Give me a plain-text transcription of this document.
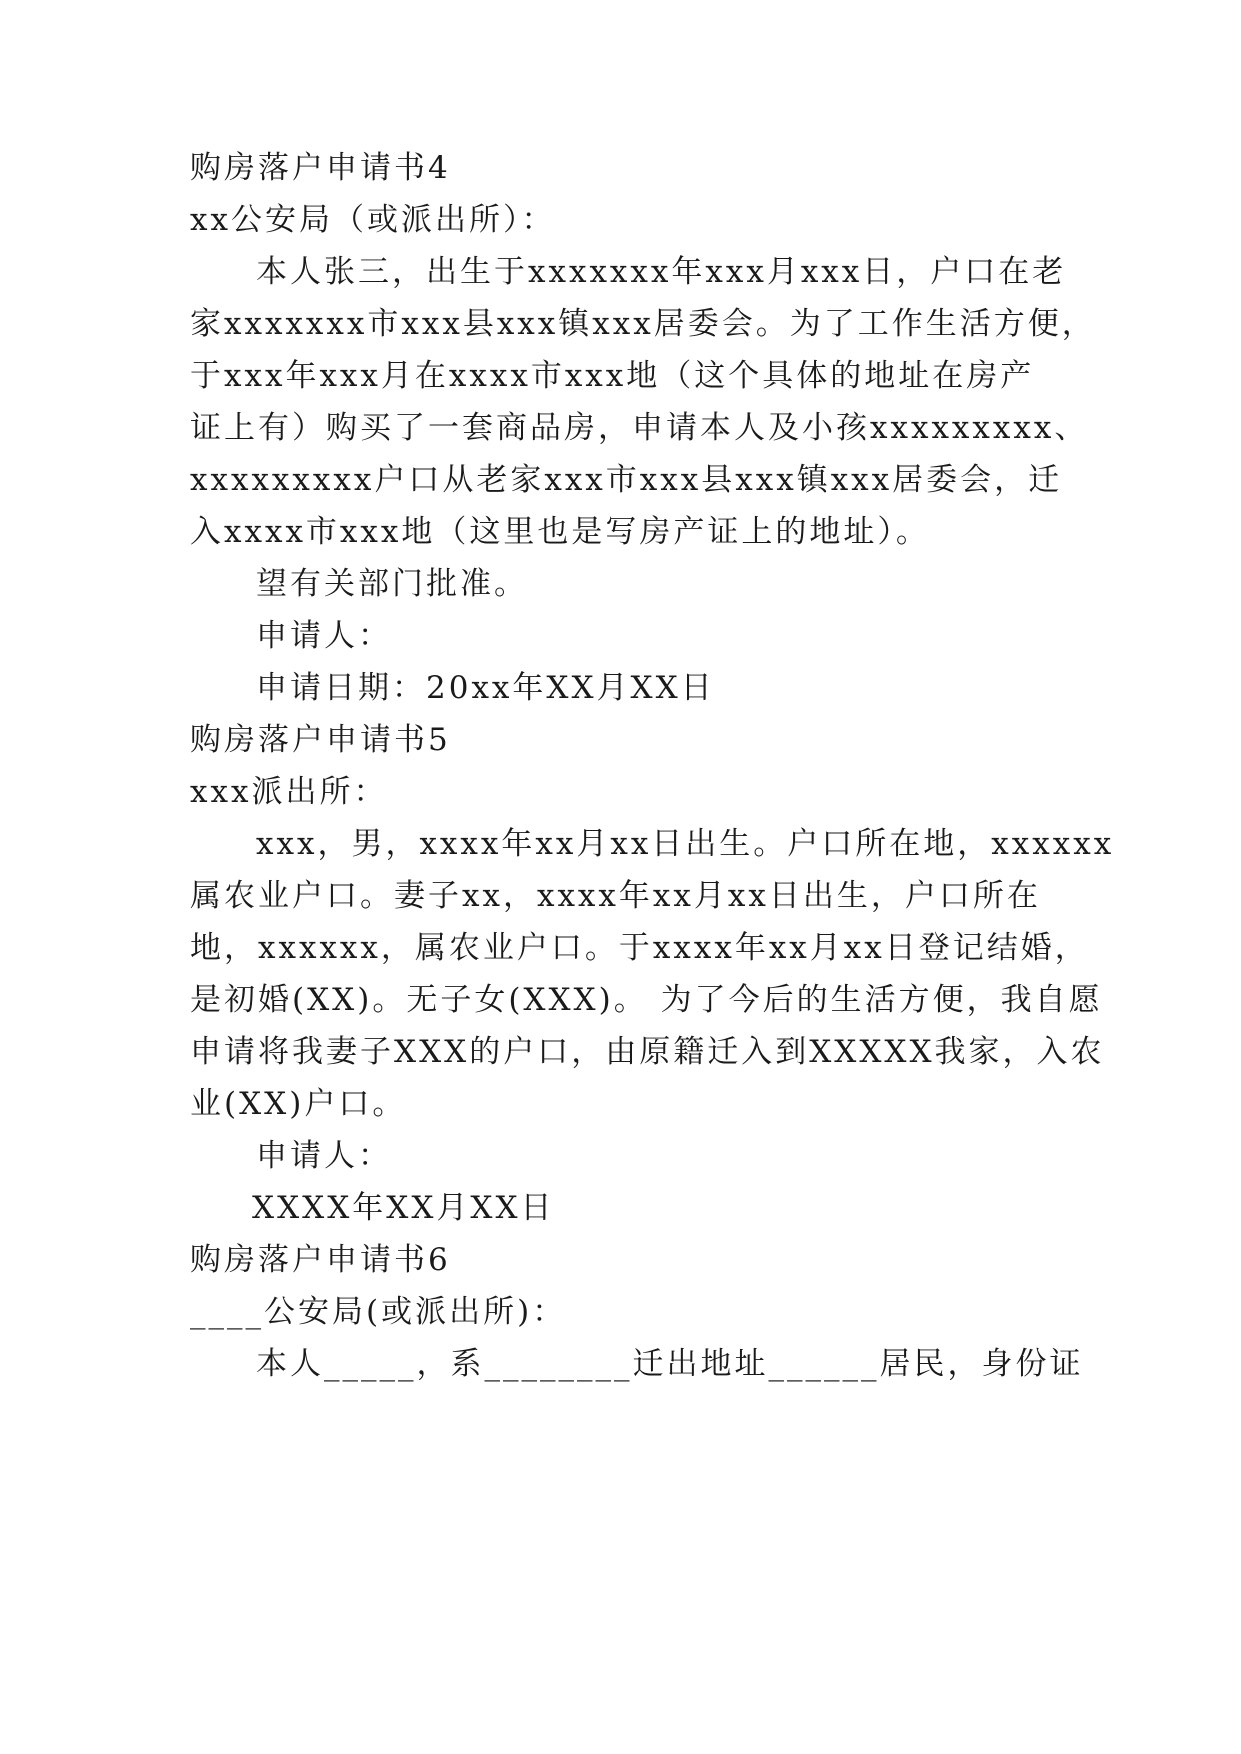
购房落户申请书4
xx公安局（或派出所）：
本人张三，出生于xxxxxxx年xxx月xxx日，户口在老
家xxxxxxx市xxx县xxx镇xxx居委会。为了工作生活方便，
于xxx年xxx月在xxxx市xxx地（这个具体的地址在房产
证上有）购买了一套商品房，申请本人及小孩xxxxxxxxx、
xxxxxxxxx户口从老家xxx市xxx县xxx镇xxx居委会，迁
入xxxx市xxx地（这里也是写房产证上的地址）。
望有关部门批准。
申请人：
申请日期：20xx年XX月XX日
购房落户申请书5
xxx派出所：
xxx，男，xxxx年xx月xx日出生。户口所在地，xxxxxx
属农业户口。妻子xx，xxxx年xx月xx日出生，户口所在
地，xxxxxx，属农业户口。于xxxx年xx月xx日登记结婚，
是初婚(XX)。无子女(XXX)。 为了今后的生活方便，我自愿
申请将我妻子XXX的户口，由原籍迁入到XXXXX我家，入农
业(XX)户口。
申请人：
XXXX年XX月XX日
购房落户申请书6
____公安局(或派出所)：
本人_____，系________迁出地址______居民，身份证
